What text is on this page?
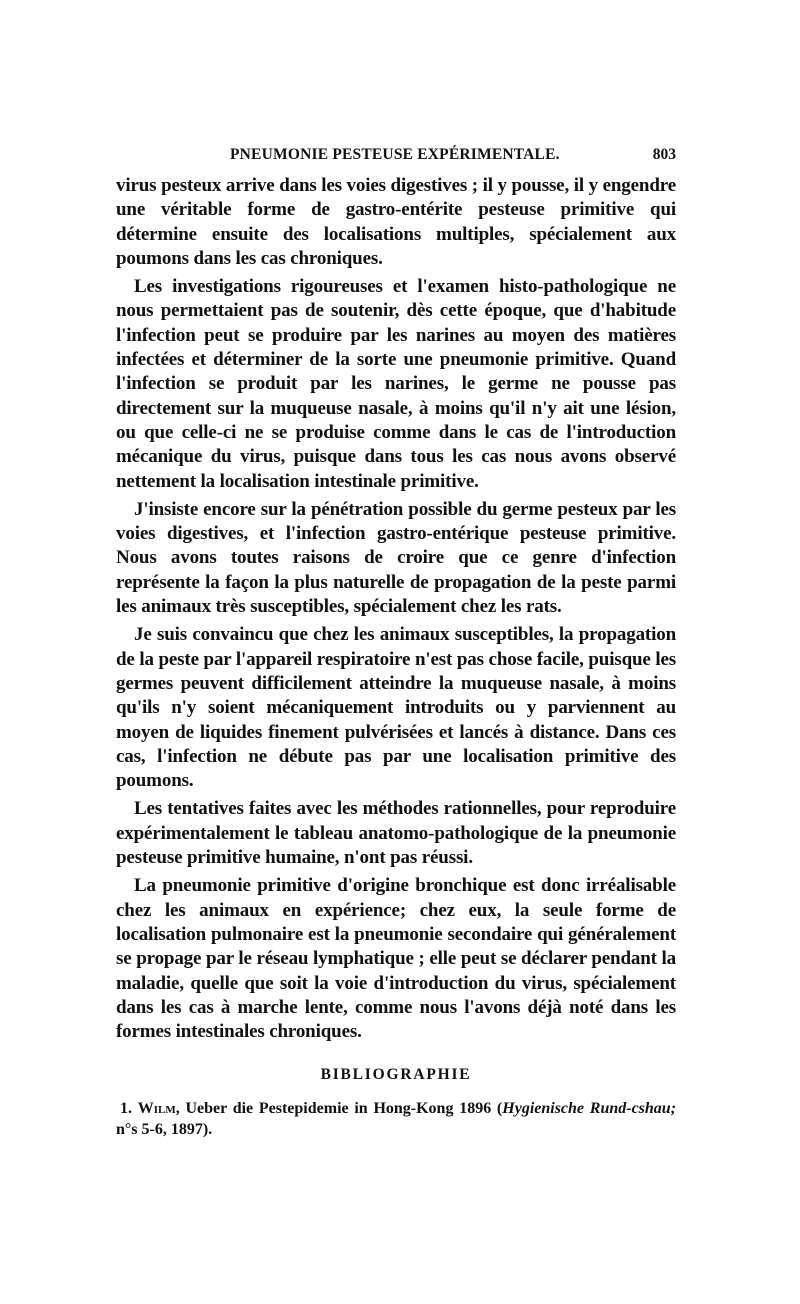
PNEUMONIE PESTEUSE EXPÉRIMENTALE.	803

virus pesteux arrive dans les voies digestives ; il y pousse, il y engendre une véritable forme de gastro-entérite pesteuse primitive qui détermine ensuite des localisations multiples, spécialement aux poumons dans les cas chroniques.

Les investigations rigoureuses et l'examen histo-pathologique ne nous permettaient pas de soutenir, dès cette époque, que d'habitude l'infection peut se produire par les narines au moyen des matières infectées et déterminer de la sorte une pneumonie primitive. Quand l'infection se produit par les narines, le germe ne pousse pas directement sur la muqueuse nasale, à moins qu'il n'y ait une lésion, ou que celle-ci ne se produise comme dans le cas de l'introduction mécanique du virus, puisque dans tous les cas nous avons observé nettement la localisation intestinale primitive.

J'insiste encore sur la pénétration possible du germe pesteux par les voies digestives, et l'infection gastro-entérique pesteuse primitive. Nous avons toutes raisons de croire que ce genre d'infection représente la façon la plus naturelle de propagation de la peste parmi les animaux très susceptibles, spécialement chez les rats.

Je suis convaincu que chez les animaux susceptibles, la propagation de la peste par l'appareil respiratoire n'est pas chose facile, puisque les germes peuvent difficilement atteindre la muqueuse nasale, à moins qu'ils n'y soient mécaniquement introduits ou y parviennent au moyen de liquides finement pulvérisées et lancés à distance. Dans ces cas, l'infection ne débute pas par une localisation primitive des poumons.

Les tentatives faites avec les méthodes rationnelles, pour reproduire expérimentalement le tableau anatomo-pathologique de la pneumonie pesteuse primitive humaine, n'ont pas réussi.

La pneumonie primitive d'origine bronchique est donc irréalisable chez les animaux en expérience; chez eux, la seule forme de localisation pulmonaire est la pneumonie secondaire qui généralement se propage par le réseau lymphatique ; elle peut se déclarer pendant la maladie, quelle que soit la voie d'introduction du virus, spécialement dans les cas à marche lente, comme nous l'avons déjà noté dans les formes intestinales chroniques.

BIBLIOGRAPHIE
1. Wilm, Ueber die Pestepidemie in Hong-Kong 1896 (Hygienische Rund-cshau; n°s 5-6, 1897).
